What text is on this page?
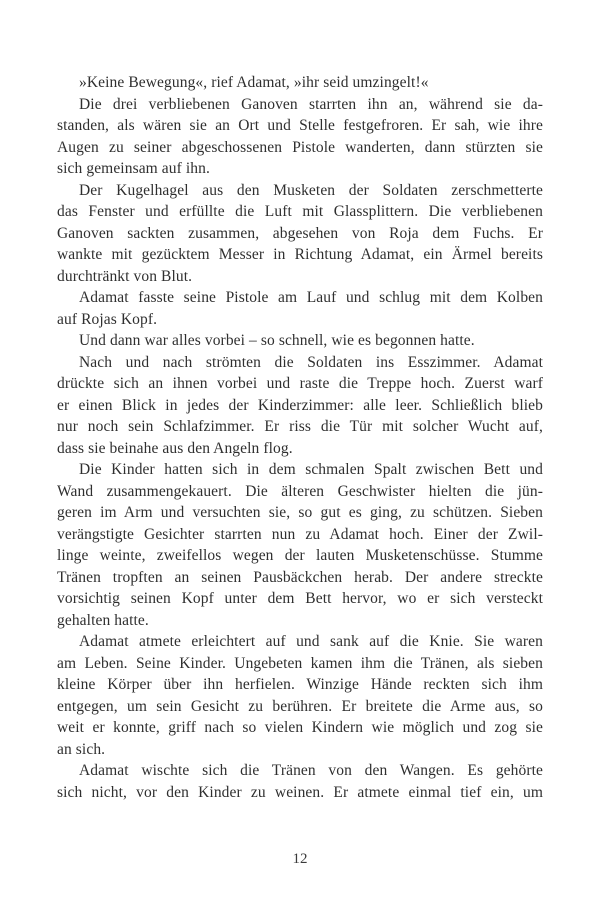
»Keine Bewegung«, rief Adamat, »ihr seid umzingelt!«
Die drei verbliebenen Ganoven starrten ihn an, während sie da-
standen, als wären sie an Ort und Stelle festgefroren. Er sah, wie ihre
Augen zu seiner abgeschossenen Pistole wanderten, dann stürzten sie
sich gemeinsam auf ihn.
Der Kugelhagel aus den Musketen der Soldaten zerschmetterte
das Fenster und erfüllte die Luft mit Glassplittern. Die verbliebenen
Ganoven sackten zusammen, abgesehen von Roja dem Fuchs. Er
wankte mit gezücktem Messer in Richtung Adamat, ein Ärmel bereits
durchtränkt von Blut.
Adamat fasste seine Pistole am Lauf und schlug mit dem Kolben
auf Rojas Kopf.
Und dann war alles vorbei – so schnell, wie es begonnen hatte.
Nach und nach strömten die Soldaten ins Esszimmer. Adamat
drückte sich an ihnen vorbei und raste die Treppe hoch. Zuerst warf
er einen Blick in jedes der Kinderzimmer: alle leer. Schließlich blieb
nur noch sein Schlafzimmer. Er riss die Tür mit solcher Wucht auf,
dass sie beinahe aus den Angeln flog.
Die Kinder hatten sich in dem schmalen Spalt zwischen Bett und
Wand zusammengekauert. Die älteren Geschwister hielten die jün-
geren im Arm und versuchten sie, so gut es ging, zu schützen. Sieben
verängstigte Gesichter starrten nun zu Adamat hoch. Einer der Zwil-
linge weinte, zweifellos wegen der lauten Musketenschüsse. Stumme
Tränen tropften an seinen Pausbäckchen herab. Der andere streckte
vorsichtig seinen Kopf unter dem Bett hervor, wo er sich versteckt
gehalten hatte.
Adamat atmete erleichtert auf und sank auf die Knie. Sie waren
am Leben. Seine Kinder. Ungebeten kamen ihm die Tränen, als sieben
kleine Körper über ihn herfielen. Winzige Hände reckten sich ihm
entgegen, um sein Gesicht zu berühren. Er breitete die Arme aus, so
weit er konnte, griff nach so vielen Kindern wie möglich und zog sie
an sich.
Adamat wischte sich die Tränen von den Wangen. Es gehörte
sich nicht, vor den Kinder zu weinen. Er atmete einmal tief ein, um
12
